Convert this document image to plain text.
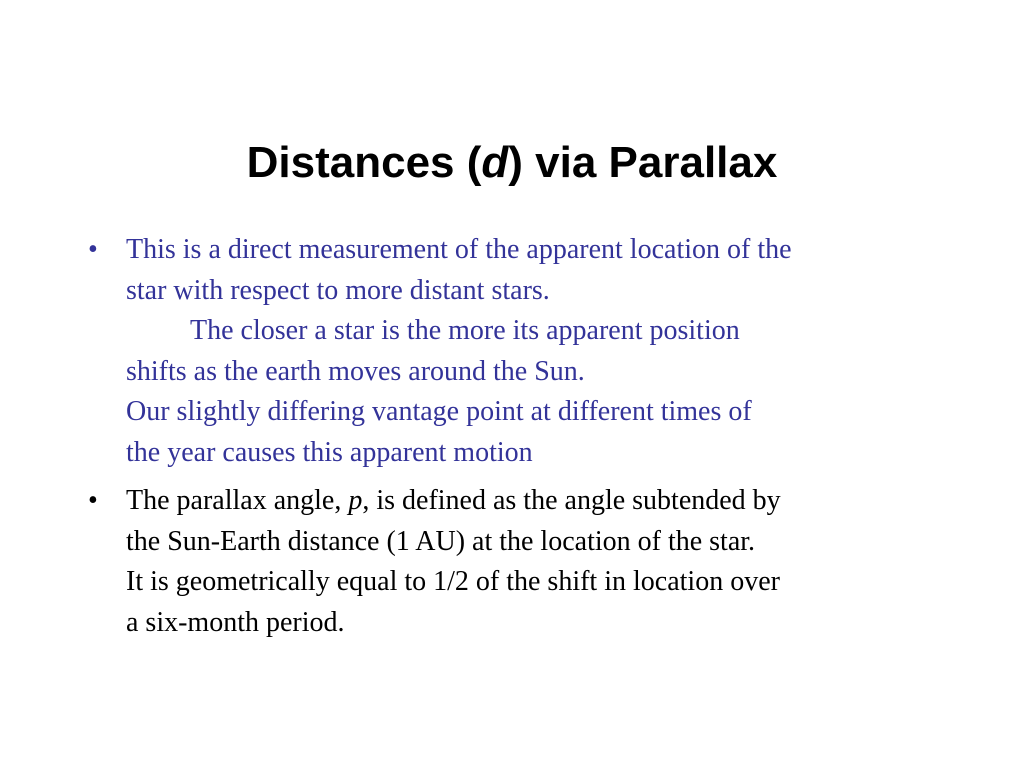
Distances (d) via Parallax
•	This is a direct measurement of the apparent location of the
star with respect to more distant stars.
The closer a star is the more its apparent position
shifts as the earth moves around the Sun.
Our slightly differing vantage point at different times of
the year causes this apparent motion
•	The parallax angle, p, is defined as the angle subtended by
the Sun-Earth distance (1 AU) at the location of the star.
It is geometrically equal to 1/2 of the shift in location over
a six-month period.
